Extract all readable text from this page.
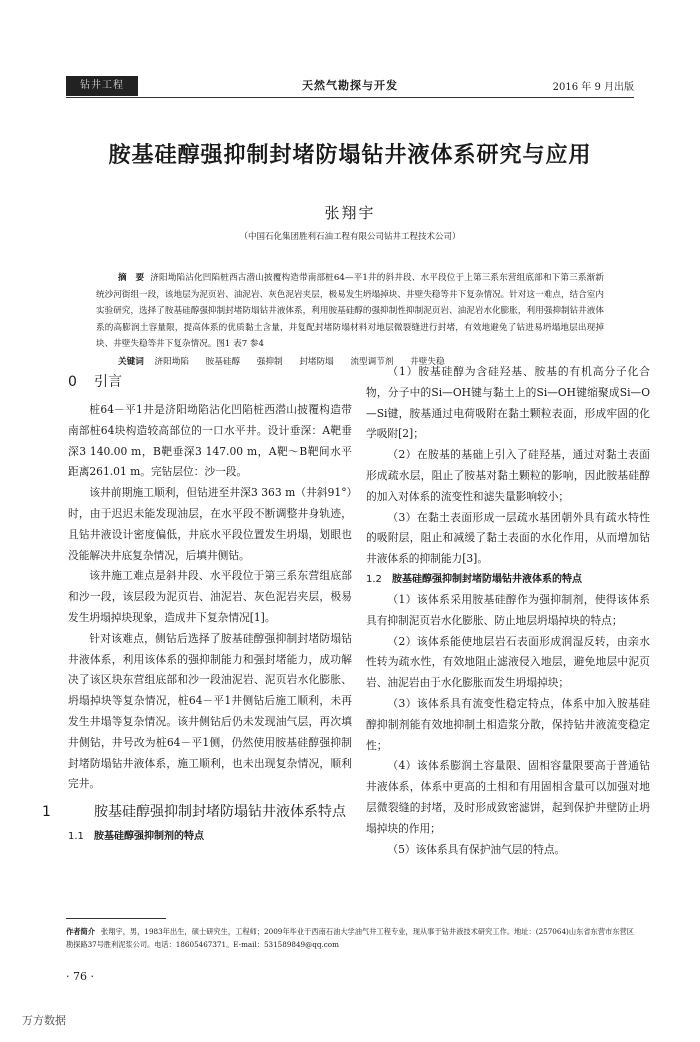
钻井工程	天然气勘探与开发	2016 年 9 月出版
胺基硅醇强抑制封堵防塌钻井液体系研究与应用
张翔宇
（中国石化集团胜利石油工程有限公司钻井工程技术公司）
摘　要 济阳坳陷沾化凹陷桩西古潜山披覆构造带南部桩64—平1井的斜井段、水平段位于上第三系东营组底部和下第三系渐新统沙河街组一段，该地层为泥页岩、油泥岩、灰色泥岩夹层，极易发生坍塌掉块、井壁失稳等井下复杂情况。针对这一难点，结合室内实验研究，选择了胺基硅醇强抑制封堵防塌钻井液体系，利用胺基硅醇的强抑制性抑制泥页岩、油泥岩水化膨胀，利用强抑制钻井液体系的高膨润土容量限，提高体系的优质黏土含量，并复配封堵防塌材料对地层微裂缝进行封堵，有效地避免了钻进易坍塌地层出现掉块、井壁失稳等井下复杂情况。图1 表7 参4
关键词 济阳坳陷 胺基硅醇 强抑制 封堵防塌 流型调节剂 井壁失稳
0 引言

桩64－平1井是济阳坳陷沾化凹陷桩西潜山披覆构造带南部桩64块构造较高部位的一口水平井。设计垂深：A靶垂深3 140.00 m，B靶垂深3 147.00 m，A靶～B靶间水平距离261.01 m。完钻层位：沙一段。

该井前期施工顺利，但钻进至井深3 363 m（井斜91°）时，由于迟迟未能发现油层，在水平段不断调整井身轨迹，且钻井液设计密度偏低，井底水平段位置发生坍塌，划眼也没能解决井底复杂情况，后填井侧钻。

该井施工难点是斜井段、水平段位于第三系东营组底部和沙一段，该层段为泥页岩、油泥岩、灰色泥岩夹层，极易发生坍塌掉块现象，造成井下复杂情况[1]。

针对该难点，侧钻后选择了胺基硅醇强抑制封堵防塌钻井液体系，利用该体系的强抑制能力和强封堵能力，成功解决了该区块东营组底部和沙一段油泥岩、泥页岩水化膨胀、坍塌掉块等复杂情况，桩64－平1井侧钻后施工顺利，未再发生井塌等复杂情况。该井侧钻后仍未发现油气层，再次填井侧钻，井号改为桩64－平1侧，仍然使用胺基硅醇强抑制封堵防塌钻井液体系，施工顺利，也未出现复杂情况，顺利完井。

1	胺基硅醇强抑制封堵防塌钻井液体系特点
1.1 胺基硅醇强抑制剂的特点

（1）胺基硅醇为含硅羟基、胺基的有机高分子化合物，分子中的Si—OH键与黏土上的Si—OH键缩聚成Si—O—Si键，胺基通过电荷吸附在黏土颗粒表面，形成牢固的化学吸附[2]；

（2）在胺基的基础上引入了硅羟基，通过对黏土表面形成疏水层，阻止了胺基对黏土颗粒的影响，因此胺基硅醇的加入对体系的流变性和滤失量影响较小；

（3）在黏土表面形成一层疏水基团朝外具有疏水特性的吸附层，阻止和减缓了黏土表面的水化作用，从而增加钻井液体系的抑制能力[3]。

1.2 胺基硅醇强抑制封堵防塌钻井液体系的特点

（1）该体系采用胺基硅醇作为强抑制剂，使得该体系具有抑制泥页岩水化膨胀、防止地层坍塌掉块的特点；

（2）该体系能使地层岩石表面形成润湿反转，由亲水性转为疏水性，有效地阻止滤液侵入地层，避免地层中泥页岩、油泥岩由于水化膨胀而发生坍塌掉块；

（3）该体系具有流变性稳定特点，体系中加入胺基硅醇抑制剂能有效地抑制土相造浆分散，保持钻井液流变稳定性；

（4）该体系膨润土容量限、固相容量限要高于普通钻井液体系，体系中更高的土相和有用固相含量可以加强对地层微裂缝的封堵，及时形成致密滤饼，起到保护井壁防止坍塌掉块的作用；

（5）该体系具有保护油气层的特点。

作者简介 张翔宇，男，1983年出生，硕士研究生，工程师；2009年毕业于西南石油大学油气井工程专业，现从事于钻井液技术研究工作。地址：(257064)山东省东营市东营区勘探路37号胜利泥浆公司。电话：18605467371。E-mail：531589849@qq.com
· 76 ·
万方数据
